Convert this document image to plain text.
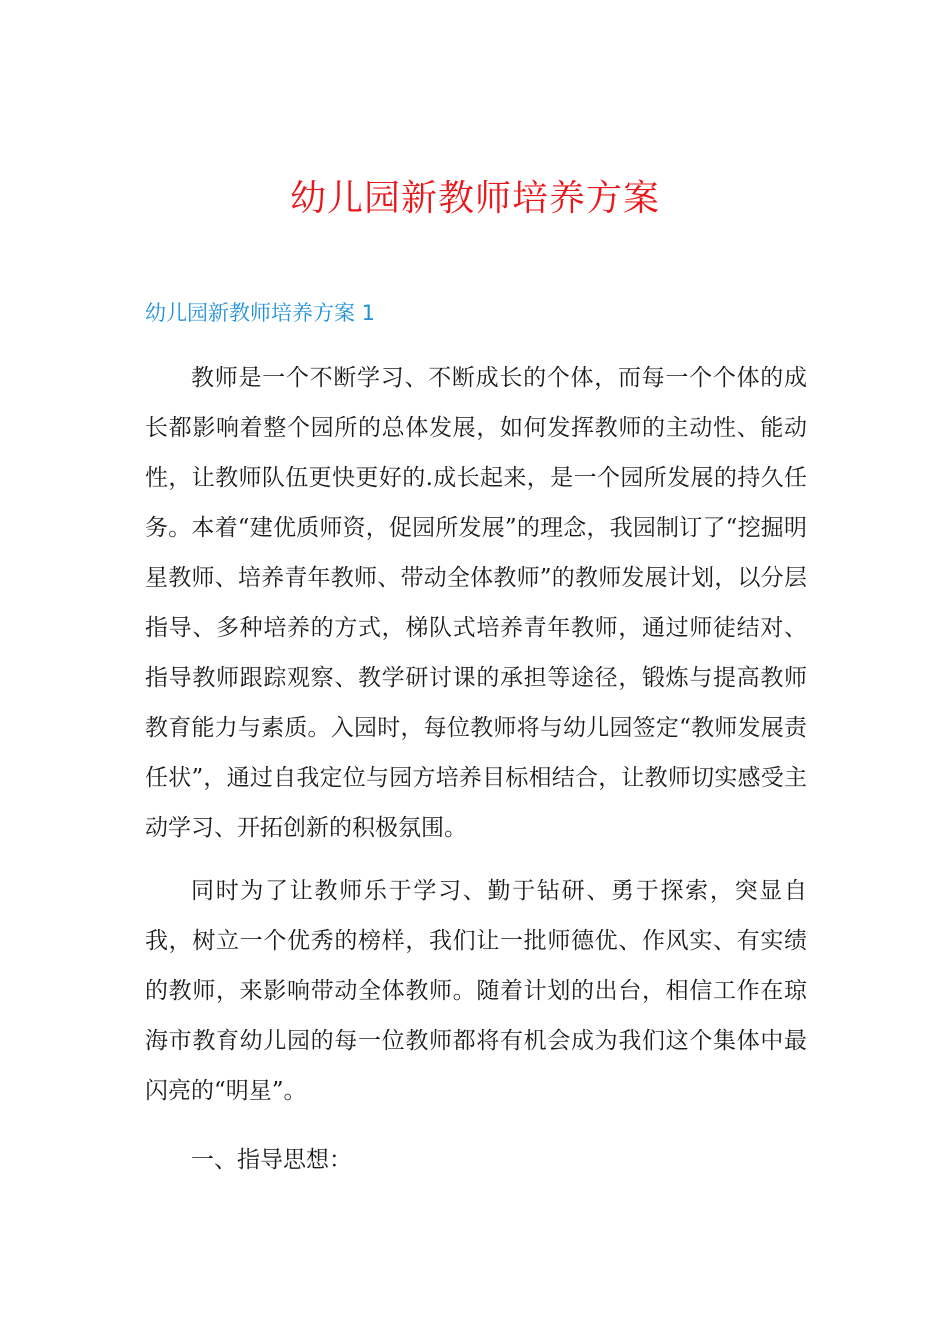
幼儿园新教师培养方案
幼儿园新教师培养方案 1

教师是一个不断学习、不断成长的个体，而每一个个体的成长都影响着整个园所的总体发展，如何发挥教师的主动性、能动性，让教师队伍更快更好的.成长起来，是一个园所发展的持久任务。本着“建优质师资，促园所发展”的理念，我园制订了“挖掘明星教师、培养青年教师、带动全体教师”的教师发展计划，以分层指导、多种培养的方式，梯队式培养青年教师，通过师徒结对、指导教师跟踪观察、教学研讨课的承担等途径，锻炼与提高教师教育能力与素质。入园时，每位教师将与幼儿园签定“教师发展责任状”，通过自我定位与园方培养目标相结合，让教师切实感受主动学习、开拓创新的积极氛围。

同时为了让教师乐于学习、勤于钻研、勇于探索，突显自我，树立一个优秀的榜样，我们让一批师德优、作风实、有实绩的教师，来影响带动全体教师。随着计划的出台，相信工作在琼海市教育幼儿园的每一位教师都将有机会成为我们这个集体中最闪亮的“明星”。

一、指导思想：
